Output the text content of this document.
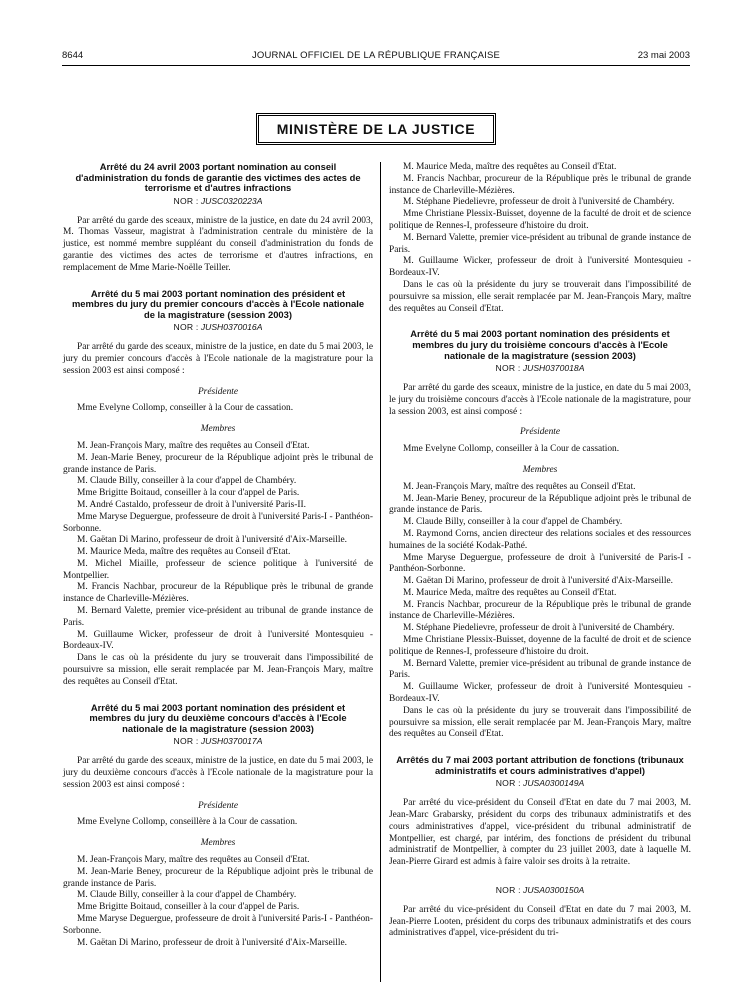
8644	JOURNAL OFFICIEL DE LA RÉPUBLIQUE FRANÇAISE	23 mai 2003
MINISTÈRE DE LA JUSTICE
Arrêté du 24 avril 2003 portant nomination au conseil d'administration du fonds de garantie des victimes des actes de terrorisme et d'autres infractions
NOR : JUSC0320223A

Par arrêté du garde des sceaux, ministre de la justice, en date du 24 avril 2003, M. Thomas Vasseur, magistrat à l'administration centrale du ministère de la justice, est nommé membre suppléant du conseil d'administration du fonds de garantie des victimes des actes de terrorisme et d'autres infractions, en remplacement de Mme Marie-Noëlle Teiller.

Arrêté du 5 mai 2003 portant nomination des président et membres du jury du premier concours d'accès à l'Ecole nationale de la magistrature (session 2003)
NOR : JUSH0370016A

Par arrêté du garde des sceaux, ministre de la justice, en date du 5 mai 2003, le jury du premier concours d'accès à l'Ecole nationale de la magistrature pour la session 2003 est ainsi composé :

Présidente

Mme Evelyne Collomp, conseiller à la Cour de cassation.

Membres

M. Jean-François Mary, maître des requêtes au Conseil d'Etat.

M. Jean-Marie Beney, procureur de la République adjoint près le tribunal de grande instance de Paris.

M. Claude Billy, conseiller à la cour d'appel de Chambéry.

Mme Brigitte Boitaud, conseiller à la cour d'appel de Paris.

M. André Castaldo, professeur de droit à l'université Paris-II.

Mme Maryse Deguergue, professeure de droit à l'université Paris-I - Panthéon-Sorbonne.

M. Gaëtan Di Marino, professeur de droit à l'université d'Aix-Marseille.

M. Maurice Meda, maître des requêtes au Conseil d'Etat.

M. Michel Miaille, professeur de science politique à l'université de Montpellier.

M. Francis Nachbar, procureur de la République près le tribunal de grande instance de Charleville-Mézières.

M. Bernard Valette, premier vice-président au tribunal de grande instance de Paris.

M. Guillaume Wicker, professeur de droit à l'université Montesquieu - Bordeaux-IV.

Dans le cas où la présidente du jury se trouverait dans l'impossibilité de poursuivre sa mission, elle serait remplacée par M. Jean-François Mary, maître des requêtes au Conseil d'Etat.

Arrêté du 5 mai 2003 portant nomination des président et membres du jury du deuxième concours d'accès à l'Ecole nationale de la magistrature (session 2003)
NOR : JUSH0370017A

Par arrêté du garde des sceaux, ministre de la justice, en date du 5 mai 2003, le jury du deuxième concours d'accès à l'Ecole nationale de la magistrature pour la session 2003 est ainsi composé :

Présidente

Mme Evelyne Collomp, conseillère à la Cour de cassation.

Membres

M. Jean-François Mary, maître des requêtes au Conseil d'Etat.

M. Jean-Marie Beney, procureur de la République adjoint près le tribunal de grande instance de Paris.

M. Claude Billy, conseiller à la cour d'appel de Chambéry.

Mme Brigitte Boitaud, conseiller à la cour d'appel de Paris.

Mme Maryse Deguergue, professeure de droit à l'université Paris-I - Panthéon-Sorbonne.

M. Gaëtan Di Marino, professeur de droit à l'université d'Aix-Marseille.

M. Maurice Meda, maître des requêtes au Conseil d'Etat.

M. Francis Nachbar, procureur de la République près le tribunal de grande instance de Charleville-Mézières.

M. Stéphane Piedelievre, professeur de droit à l'université de Chambéry.

Mme Christiane Plessix-Buisset, doyenne de la faculté de droit et de science politique de Rennes-I, professeure d'histoire du droit.

M. Bernard Valette, premier vice-président au tribunal de grande instance de Paris.

M. Guillaume Wicker, professeur de droit à l'université Montesquieu - Bordeaux-IV.

Dans le cas où la présidente du jury se trouverait dans l'impossibilité de poursuivre sa mission, elle serait remplacée par M. Jean-François Mary, maître des requêtes au Conseil d'Etat.

Arrêté du 5 mai 2003 portant nomination des présidents et membres du jury du troisième concours d'accès à l'Ecole nationale de la magistrature (session 2003)
NOR : JUSH0370018A

Par arrêté du garde des sceaux, ministre de la justice, en date du 5 mai 2003, le jury du troisième concours d'accès à l'Ecole nationale de la magistrature, pour la session 2003, est ainsi composé :

Présidente

Mme Evelyne Collomp, conseiller à la Cour de cassation.

Membres

M. Jean-François Mary, maître des requêtes au Conseil d'Etat.

M. Jean-Marie Beney, procureur de la République adjoint près le tribunal de grande instance de Paris.

M. Claude Billy, conseiller à la cour d'appel de Chambéry.

M. Raymond Corns, ancien directeur des relations sociales et des ressources humaines de la société Kodak-Pathé.

Mme Maryse Deguergue, professeure de droit à l'université de Paris-I - Panthéon-Sorbonne.

M. Gaëtan Di Marino, professeur de droit à l'université d'Aix-Marseille.

M. Maurice Meda, maître des requêtes au Conseil d'Etat.

M. Francis Nachbar, procureur de la République près le tribunal de grande instance de Charleville-Mézières.

M. Stéphane Piedelievre, professeur de droit à l'université de Chambéry.

Mme Christiane Plessix-Buisset, doyenne de la faculté de droit et de science politique de Rennes-I, professeure d'histoire du droit.

M. Bernard Valette, premier vice-président au tribunal de grande instance de Paris.

M. Guillaume Wicker, professeur de droit à l'université Montesquieu - Bordeaux-IV.

Dans le cas où la présidente du jury se trouverait dans l'impossibilité de poursuivre sa mission, elle serait remplacée par M. Jean-François Mary, maître des requêtes au Conseil d'Etat.

Arrêtés du 7 mai 2003 portant attribution de fonctions (tribunaux administratifs et cours administratives d'appel)
NOR : JUSA0300149A

Par arrêté du vice-président du Conseil d'Etat en date du 7 mai 2003, M. Jean-Marc Grabarsky, président du corps des tribunaux administratifs et des cours administratives d'appel, vice-président du tribunal administratif de Montpellier, est chargé, par intérim, des fonctions de président du tribunal administratif de Montpellier, à compter du 23 juillet 2003, date à laquelle M. Jean-Pierre Girard est admis à faire valoir ses droits à la retraite.

NOR : JUSA0300150A

Par arrêté du vice-président du Conseil d'Etat en date du 7 mai 2003, M. Jean-Pierre Looten, président du corps des tribunaux administratifs et des cours administratives d'appel, vice-président du tri-
